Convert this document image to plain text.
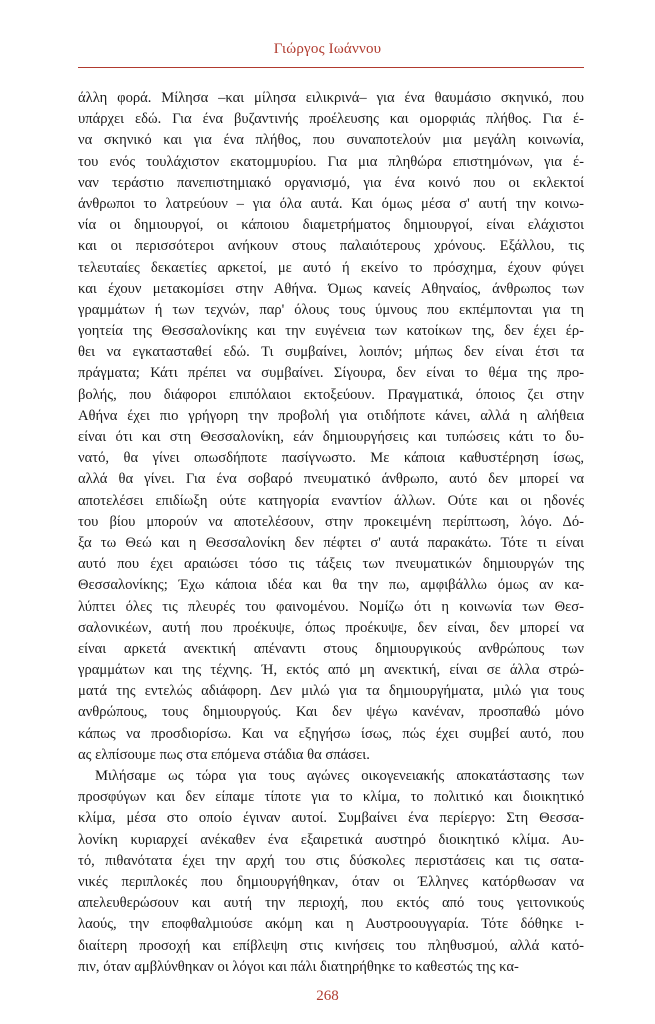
Γιώργος Ιωάννου
άλλη φορά. Μίλησα –και μίλησα ειλικρινά– για ένα θαυμάσιο σκηνικό, που
υπάρχει εδώ. Για ένα βυζαντινής προέλευσης και ομορφιάς πλήθος. Για έ-
να σκηνικό και για ένα πλήθος, που συναποτελούν μια μεγάλη κοινωνία,
του ενός τουλάχιστον εκατομμυρίου. Για μια πληθώρα επιστημόνων, για έ-
ναν τεράστιο πανεπιστημιακό οργανισμό, για ένα κοινό που οι εκλεκτοί
άνθρωποι το λατρεύουν – για όλα αυτά. Και όμως μέσα σ' αυτή την κοινω-
νία οι δημιουργοί, οι κάποιου διαμετρήματος δημιουργοί, είναι ελάχιστοι
και οι περισσότεροι ανήκουν στους παλαιότερους χρόνους. Εξάλλου, τις
τελευταίες δεκαετίες αρκετοί, με αυτό ή εκείνο το πρόσχημα, έχουν φύγει
και έχουν μετακομίσει στην Αθήνα. Όμως κανείς Αθηναίος, άνθρωπος των
γραμμάτων ή των τεχνών, παρ' όλους τους ύμνους που εκπέμπονται για τη
γοητεία της Θεσσαλονίκης και την ευγένεια των κατοίκων της, δεν έχει έρ-
θει να εγκατασταθεί εδώ. Τι συμβαίνει, λοιπόν; μήπως δεν είναι έτσι τα
πράγματα; Κάτι πρέπει να συμβαίνει. Σίγουρα, δεν είναι το θέμα της προ-
βολής, που διάφοροι επιπόλαιοι εκτοξεύουν. Πραγματικά, όποιος ζει στην
Αθήνα έχει πιο γρήγορη την προβολή για οτιδήποτε κάνει, αλλά η αλήθεια
είναι ότι και στη Θεσσαλονίκη, εάν δημιουργήσεις και τυπώσεις κάτι το δυ-
νατό, θα γίνει οπωσδήποτε πασίγνωστο. Με κάποια καθυστέρηση ίσως,
αλλά θα γίνει. Για ένα σοβαρό πνευματικό άνθρωπο, αυτό δεν μπορεί να
αποτελέσει επιδίωξη ούτε κατηγορία εναντίον άλλων. Ούτε και οι ηδονές
του βίου μπορούν να αποτελέσουν, στην προκειμένη περίπτωση, λόγο. Δό-
ξα τω Θεώ και η Θεσσαλονίκη δεν πέφτει σ' αυτά παρακάτω. Τότε τι είναι
αυτό που έχει αραιώσει τόσο τις τάξεις των πνευματικών δημιουργών της
Θεσσαλονίκης; Έχω κάποια ιδέα και θα την πω, αμφιβάλλω όμως αν κα-
λύπτει όλες τις πλευρές του φαινομένου. Νομίζω ότι η κοινωνία των Θεσ-
σαλονικέων, αυτή που προέκυψε, όπως προέκυψε, δεν είναι, δεν μπορεί να
είναι αρκετά ανεκτική απέναντι στους δημιουργικούς ανθρώπους των
γραμμάτων και της τέχνης. Ή, εκτός από μη ανεκτική, είναι σε άλλα στρώ-
ματά της εντελώς αδιάφορη. Δεν μιλώ για τα δημιουργήματα, μιλώ για τους
ανθρώπους, τους δημιουργούς. Και δεν ψέγω κανέναν, προσπαθώ μόνο
κάπως να προσδιορίσω. Και να εξηγήσω ίσως, πώς έχει συμβεί αυτό, που
ας ελπίσουμε πως στα επόμενα στάδια θα σπάσει.
Μιλήσαμε ως τώρα για τους αγώνες οικογενειακής αποκατάστασης των
προσφύγων και δεν είπαμε τίποτε για το κλίμα, το πολιτικό και διοικητικό
κλίμα, μέσα στο οποίο έγιναν αυτοί. Συμβαίνει ένα περίεργο: Στη Θεσσα-
λονίκη κυριαρχεί ανέκαθεν ένα εξαιρετικά αυστηρό διοικητικό κλίμα. Αυ-
τό, πιθανότατα έχει την αρχή του στις δύσκολες περιστάσεις και τις σατα-
νικές περιπλοκές που δημιουργήθηκαν, όταν οι Έλληνες κατόρθωσαν να
απελευθερώσουν και αυτή την περιοχή, που εκτός από τους γειτονικούς
λαούς, την εποφθαλμιούσε ακόμη και η Αυστροουγγαρία. Τότε δόθηκε ι-
διαίτερη προσοχή και επίβλεψη στις κινήσεις του πληθυσμού, αλλά κατό-
πιν, όταν αμβλύνθηκαν οι λόγοι και πάλι διατηρήθηκε το καθεστώς της κα-
268
